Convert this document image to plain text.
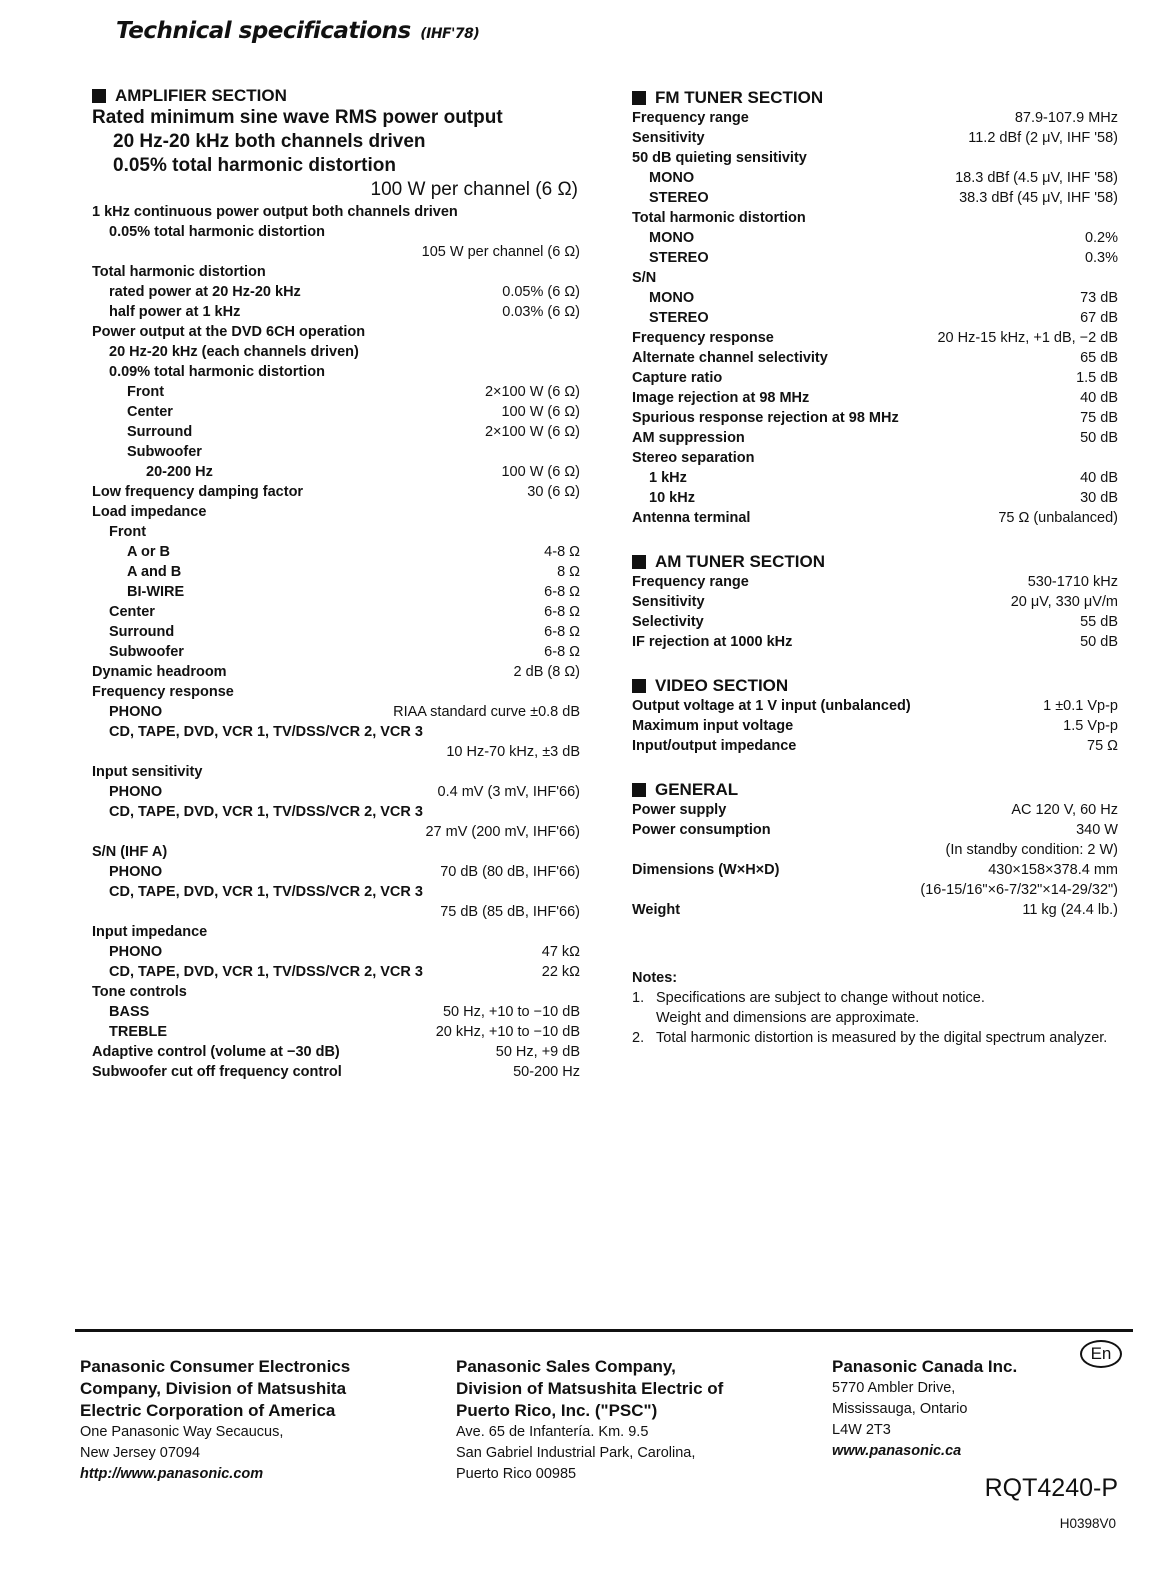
Technical specifications (IHF'78)
AMPLIFIER SECTION
Rated minimum sine wave RMS power output
20 Hz-20 kHz both channels driven
0.05% total harmonic distortion
100 W per channel (6 Ω)
1 kHz continuous power output both channels driven
0.05% total harmonic distortion
105 W per channel (6 Ω)
Total harmonic distortion
rated power at 20 Hz-20 kHz	0.05% (6 Ω)
half power at 1 kHz	0.03% (6 Ω)
Power output at the DVD 6CH operation
20 Hz-20 kHz (each channels driven)
0.09% total harmonic distortion
Front	2×100 W (6 Ω)
Center	100 W (6 Ω)
Surround	2×100 W (6 Ω)
Subwoofer
20-200 Hz	100 W (6 Ω)
Low frequency damping factor	30 (6 Ω)
Load impedance
Front
A or B	4-8 Ω
A and B	8 Ω
BI-WIRE	6-8 Ω
Center	6-8 Ω
Surround	6-8 Ω
Subwoofer	6-8 Ω
Dynamic headroom	2 dB (8 Ω)
Frequency response
PHONO	RIAA standard curve ±0.8 dB
CD, TAPE, DVD, VCR 1, TV/DSS/VCR 2, VCR 3
10 Hz-70 kHz, ±3 dB
Input sensitivity
PHONO	0.4 mV (3 mV, IHF'66)
CD, TAPE, DVD, VCR 1, TV/DSS/VCR 2, VCR 3
27 mV (200 mV, IHF'66)
S/N (IHF A)
PHONO	70 dB (80 dB, IHF'66)
CD, TAPE, DVD, VCR 1, TV/DSS/VCR 2, VCR 3
75 dB (85 dB, IHF'66)
Input impedance
PHONO	47 kΩ
CD, TAPE, DVD, VCR 1, TV/DSS/VCR 2, VCR 3	22 kΩ
Tone controls
BASS	50 Hz, +10 to −10 dB
TREBLE	20 kHz, +10 to −10 dB
Adaptive control (volume at −30 dB)	50 Hz, +9 dB
Subwoofer cut off frequency control	50-200 Hz
FM TUNER SECTION
Frequency range	87.9-107.9 MHz
Sensitivity	11.2 dBf (2 μV, IHF '58)
50 dB quieting sensitivity
MONO	18.3 dBf (4.5 μV, IHF '58)
STEREO	38.3 dBf (45 μV, IHF '58)
Total harmonic distortion
MONO	0.2%
STEREO	0.3%
S/N
MONO	73 dB
STEREO	67 dB
Frequency response	20 Hz-15 kHz, +1 dB, −2 dB
Alternate channel selectivity	65 dB
Capture ratio	1.5 dB
Image rejection at 98 MHz	40 dB
Spurious response rejection at 98 MHz	75 dB
AM suppression	50 dB
Stereo separation
1 kHz	40 dB
10 kHz	30 dB
Antenna terminal	75 Ω (unbalanced)
AM TUNER SECTION
Frequency range	530-1710 kHz
Sensitivity	20 μV, 330 μV/m
Selectivity	55 dB
IF rejection at 1000 kHz	50 dB
VIDEO SECTION
Output voltage at 1 V input (unbalanced)	1 ±0.1 Vp-p
Maximum input voltage	1.5 Vp-p
Input/output impedance	75 Ω
GENERAL
Power supply	AC 120 V, 60 Hz
Power consumption	340 W
(In standby condition: 2 W)
Dimensions (W×H×D)	430×158×378.4 mm
(16-15/16"×6-7/32"×14-29/32")
Weight	11 kg (24.4 lb.)
Notes:
1. Specifications are subject to change without notice.
Weight and dimensions are approximate.
2. Total harmonic distortion is measured by the digital spectrum analyzer.
Panasonic Consumer Electronics
Company, Division of Matsushita
Electric Corporation of America
One Panasonic Way Secaucus,
New Jersey 07094
http://www.panasonic.com
Panasonic Sales Company,
Division of Matsushita Electric of
Puerto Rico, Inc. ("PSC")
Ave. 65 de Infantería. Km. 9.5
San Gabriel Industrial Park, Carolina,
Puerto Rico 00985
Panasonic Canada Inc.
5770 Ambler Drive,
Mississauga, Ontario
L4W 2T3
www.panasonic.ca
En
RQT4240-P
H0398V0
